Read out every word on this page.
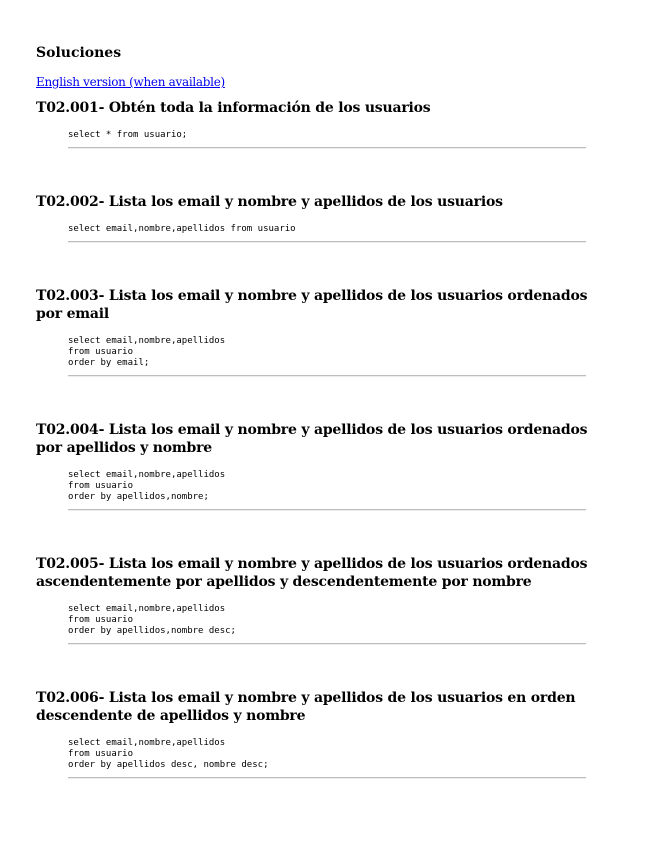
Soluciones
English version (when available)
T02.001- Obtén toda la información de los usuarios
select * from usuario;
T02.002- Lista los email y nombre y apellidos de los usuarios
select email,nombre,apellidos from usuario
T02.003- Lista los email y nombre y apellidos de los usuarios ordenados por email
select email,nombre,apellidos
from usuario
order by email;
T02.004- Lista los email y nombre y apellidos de los usuarios ordenados por apellidos y nombre
select email,nombre,apellidos
from usuario
order by apellidos,nombre;
T02.005- Lista los email y nombre y apellidos de los usuarios ordenados ascendentemente por apellidos y descendentemente por nombre
select email,nombre,apellidos
from usuario
order by apellidos,nombre desc;
T02.006- Lista los email y nombre y apellidos de los usuarios en orden descendente de apellidos y nombre
select email,nombre,apellidos
from usuario
order by apellidos desc, nombre desc;
